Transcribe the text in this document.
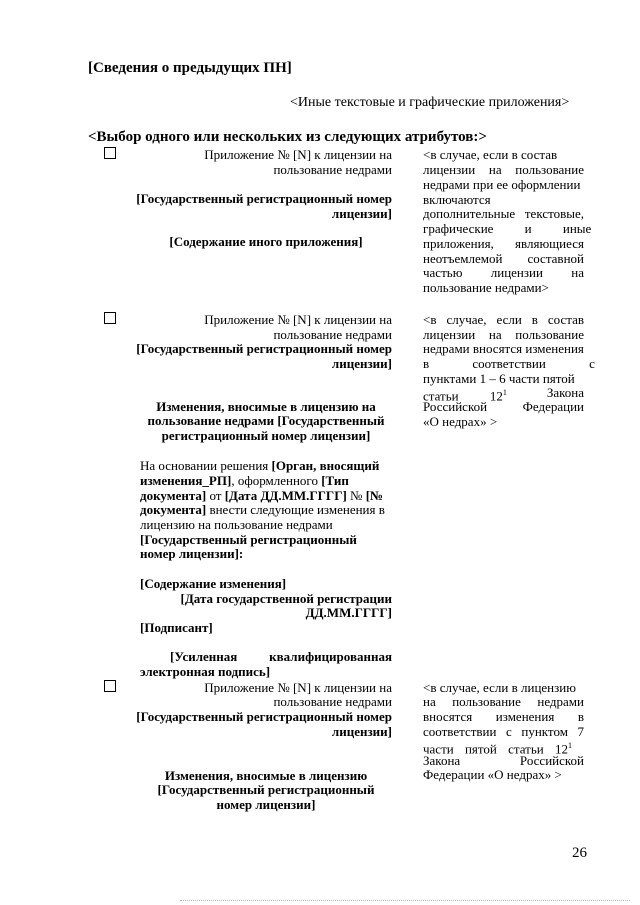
[Сведения о предыдущих ПН]
<Иные текстовые и графические приложения>
<Выбор одного или нескольких из следующих атрибутов:>
Приложение № [N] к лицензии на
пользование недрами
[Государственный регистрационный номер
лицензии]
[Содержание иного приложения]
<в случае, если в состав
лицензии на пользование
недрами при ее оформлении
включаются
дополнительные текстовые,
графические и иные
приложения, являющиеся
неотъемлемой составной
частью лицензии на
пользование недрами>
Приложение № [N] к лицензии на
пользование недрами
[Государственный регистрационный номер
лицензии]
Изменения, вносимые в лицензию на
пользование недрами [Государственный
регистрационный номер лицензии]
На основании решения [Орган, вносящий
изменения_РП], оформленного [Тип
документа] от [Дата ДД.ММ.ГГГГ] № [№
документа] внести следующие изменения в
лицензию на пользование недрами
[Государственный регистрационный
номер лицензии]:
[Содержание изменения]
[Дата государственной регистрации
ДД.ММ.ГГГГ]
[Подписант]
[Усиленная квалифицированная
электронная подпись]
<в случае, если в состав
лицензии на пользование
недрами вносятся изменения
в соответствии с
пунктами 1 – 6 части пятой
статьи $12^1$	Закона
Российской Федерации
«О недрах» >
Приложение № [N] к лицензии на
пользование недрами
[Государственный регистрационный номер
лицензии]
Изменения, вносимые в лицензию
[Государственный регистрационный
номер лицензии]
<в случае, если в лицензию
на пользование недрами
вносятся изменения в
соответствии с пунктом 7
части пятой статьи $12^1$
Закона Российской
Федерации «О недрах» >
26
